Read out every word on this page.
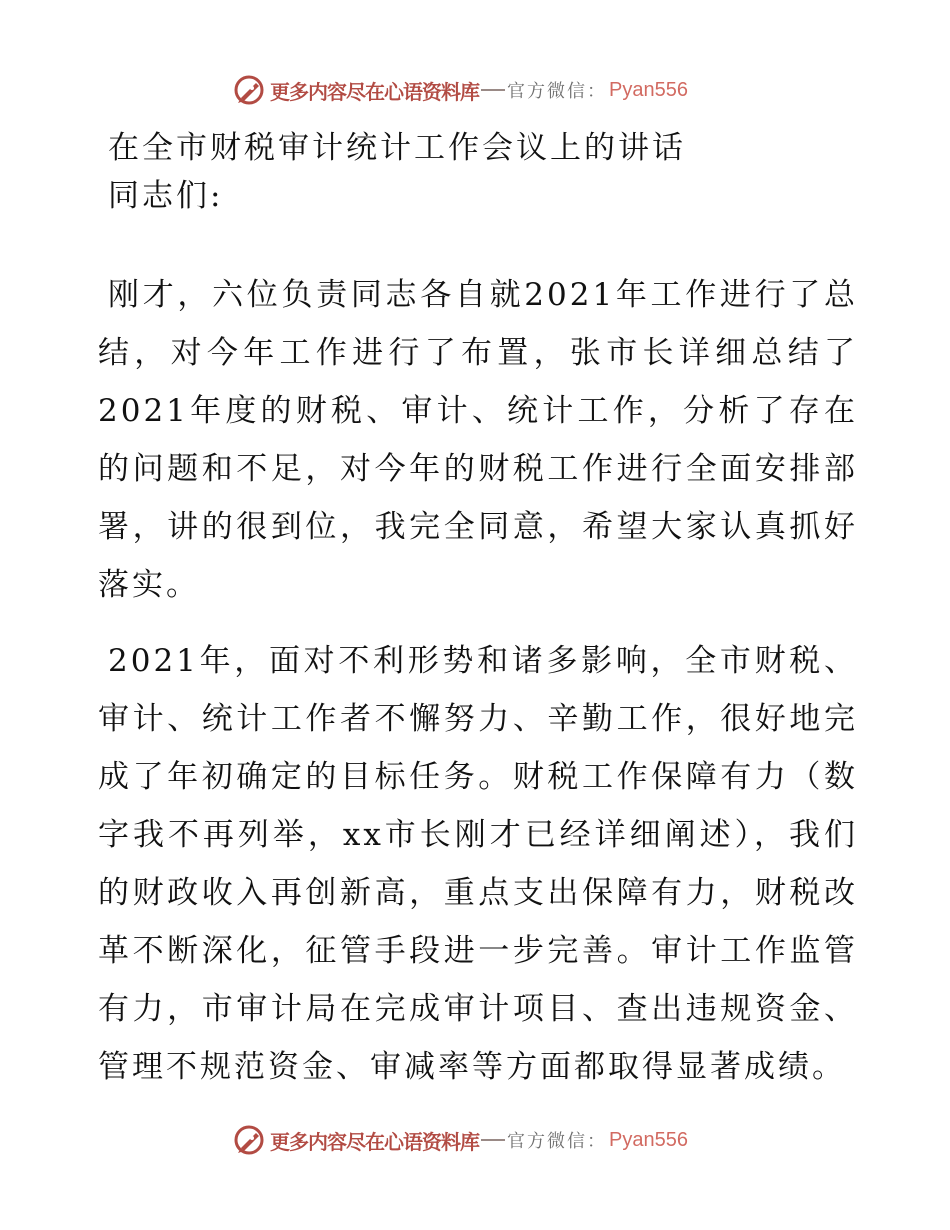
更多内容尽在心语资料库 官方微信： Pyan556
在全市财税审计统计工作会议上的讲话
同志们:

刚才，六位负责同志各自就2021年工作进行了总结，对今年工作进行了布置，张市长详细总结了2021年度的财税、审计、统计工作，分析了存在的问题和不足，对今年的财税工作进行全面安排部署，讲的很到位，我完全同意，希望大家认真抓好落实。

2021年，面对不利形势和诸多影响，全市财税、审计、统计工作者不懈努力、辛勤工作，很好地完成了年初确定的目标任务。财税工作保障有力（数字我不再列举，xx市长刚才已经详细阐述），我们的财政收入再创新高，重点支出保障有力，财税改革不断深化，征管手段进一步完善。审计工作监管有力，市审计局在完成审计项目、查出违规资金、管理不规范资金、审减率等方面都取得显著成绩。

更多内容尽在心语资料库 官方微信： Pyan556
